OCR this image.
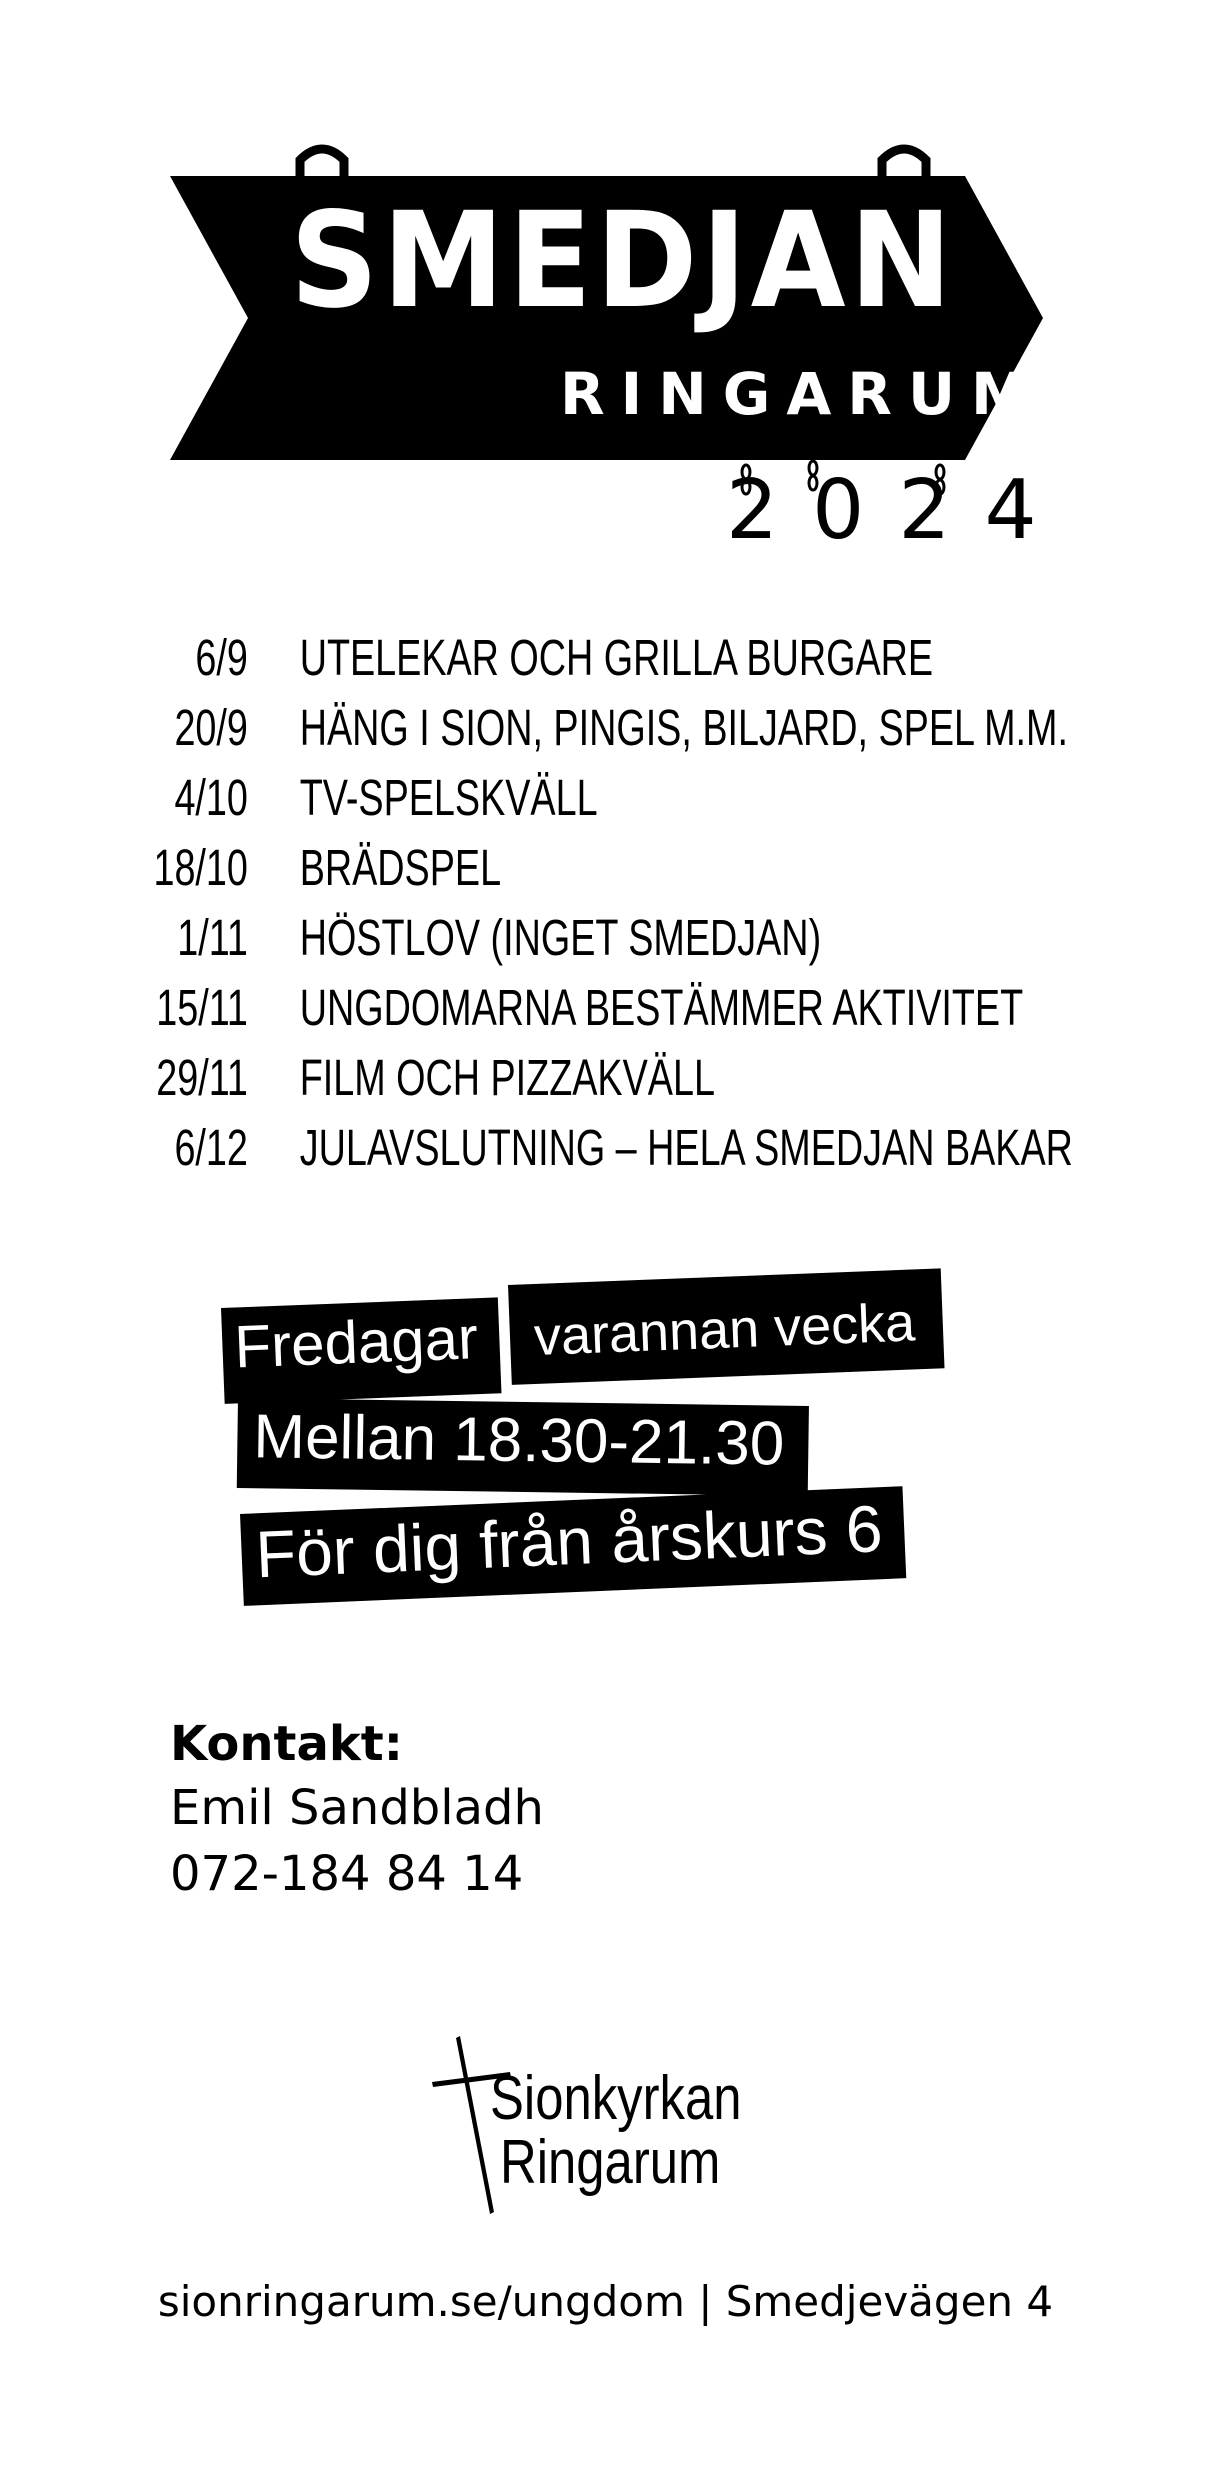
SMEDJAN
RINGARUM
2024
6/9 UTELEKAR OCH GRILLA BURGARE
20/9 HÄNG I SION, PINGIS, BILJARD, SPEL M.M.
4/10 TV-SPELSKVÄLL
18/10 BRÄDSPEL
1/11 HÖSTLOV (INGET SMEDJAN)
15/11 UNGDOMARNA BESTÄMMER AKTIVITET
29/11 FILM OCH PIZZAKVÄLL
6/12 JULAVSLUTNING – HELA SMEDJAN BAKAR
Fredagar varannan vecka
Mellan 18.30-21.30
För dig från årskurs 6
Kontakt:
Emil Sandbladh
072-184 84 14
Sionkyrkan
Ringarum
sionringarum.se/ungdom | Smedjevägen 4
